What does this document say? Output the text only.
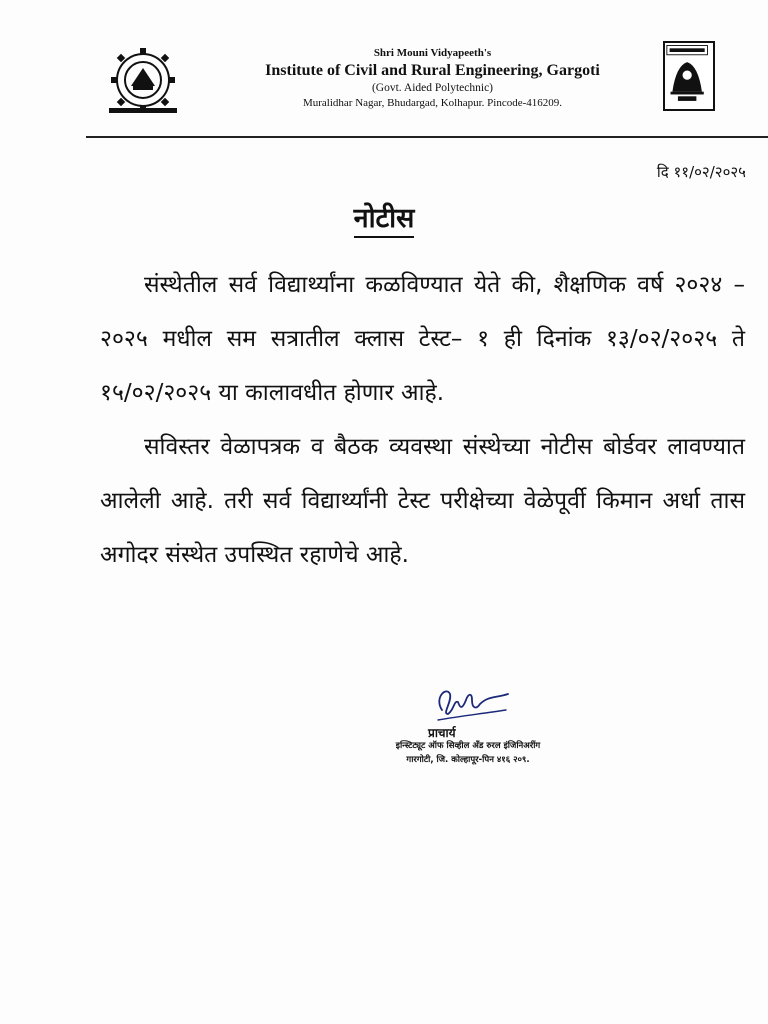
Shri Mouni Vidyapeeth's
Institute of Civil and Rural Engineering, Gargoti
(Govt. Aided Polytechnic)
Muralidhar Nagar, Bhudargad, Kolhapur. Pincode-416209.
दि ११/०२/२०२५
नोटीस

संस्थेतील सर्व विद्यार्थ्यांना कळविण्यात येते की, शैक्षणिक वर्ष २०२४ – २०२५ मधील सम सत्रातील क्लास टेस्ट– १ ही दिनांक १३/०२/२०२५ ते १५/०२/२०२५ या कालावधीत होणार आहे.

सविस्तर वेळापत्रक व बैठक व्यवस्था संस्थेच्या नोटीस बोर्डवर लावण्यात आलेली आहे. तरी सर्व विद्यार्थ्यांनी टेस्ट परीक्षेच्या वेळेपूर्वी किमान अर्धा तास अगोदर संस्थेत उपस्थित रहाणेचे आहे.

प्राचार्य
इन्स्टिट्यूट ऑफ सिव्हील अँड रुरल इंजिनिअरींग
गारगोटी, जि. कोल्हापूर-पिन ४१६ २०९.
